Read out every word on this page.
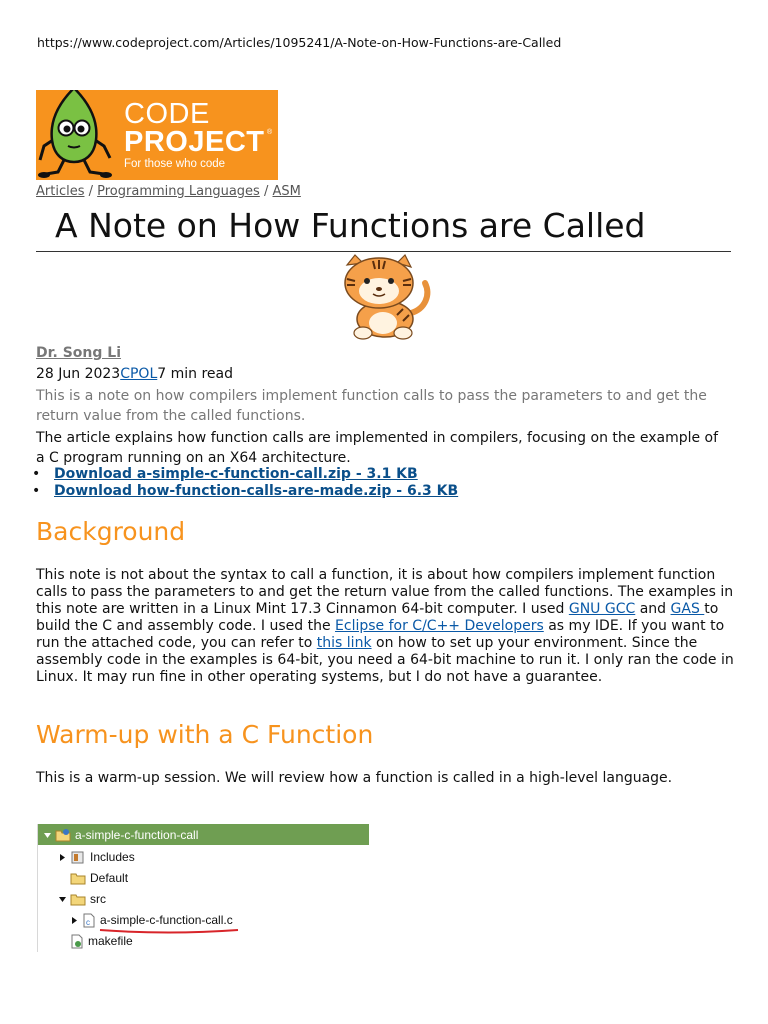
https://www.codeproject.com/Articles/1095241/A-Note-on-How-Functions-are-Called
CODE
PROJECT ®
For those who code
Articles / Programming Languages / ASM
A Note on How Functions are Called
Dr. Song Li
28 Jun 2023CPOL7 min read
This is a note on how compilers implement function calls to pass the parameters to and get the return value from the called functions.
The article explains how function calls are implemented in compilers, focusing on the example of a C program running on an X64 architecture.
• Download a-simple-c-function-call.zip - 3.1 KB
• Download how-function-calls-are-made.zip - 6.3 KB
Background
This note is not about the syntax to call a function, it is about how compilers implement function calls to pass the parameters to and get the return value from the called functions. The examples in this note are written in a Linux Mint 17.3 Cinnamon 64-bit computer. I used GNU GCC and GAS to build the C and assembly code. I used the Eclipse for C/C++ Developers as my IDE. If you want to run the attached code, you can refer to this link on how to set up your environment. Since the assembly code in the examples is 64-bit, you need a 64-bit machine to run it. I only ran the code in Linux. It may run fine in other operating systems, but I do not have a guarantee.
Warm-up with a C Function
This is a warm-up session. We will review how a function is called in a high-level language.
a-simple-c-function-call
Includes
Default
src
c a-simple-c-function-call.c
makefile
